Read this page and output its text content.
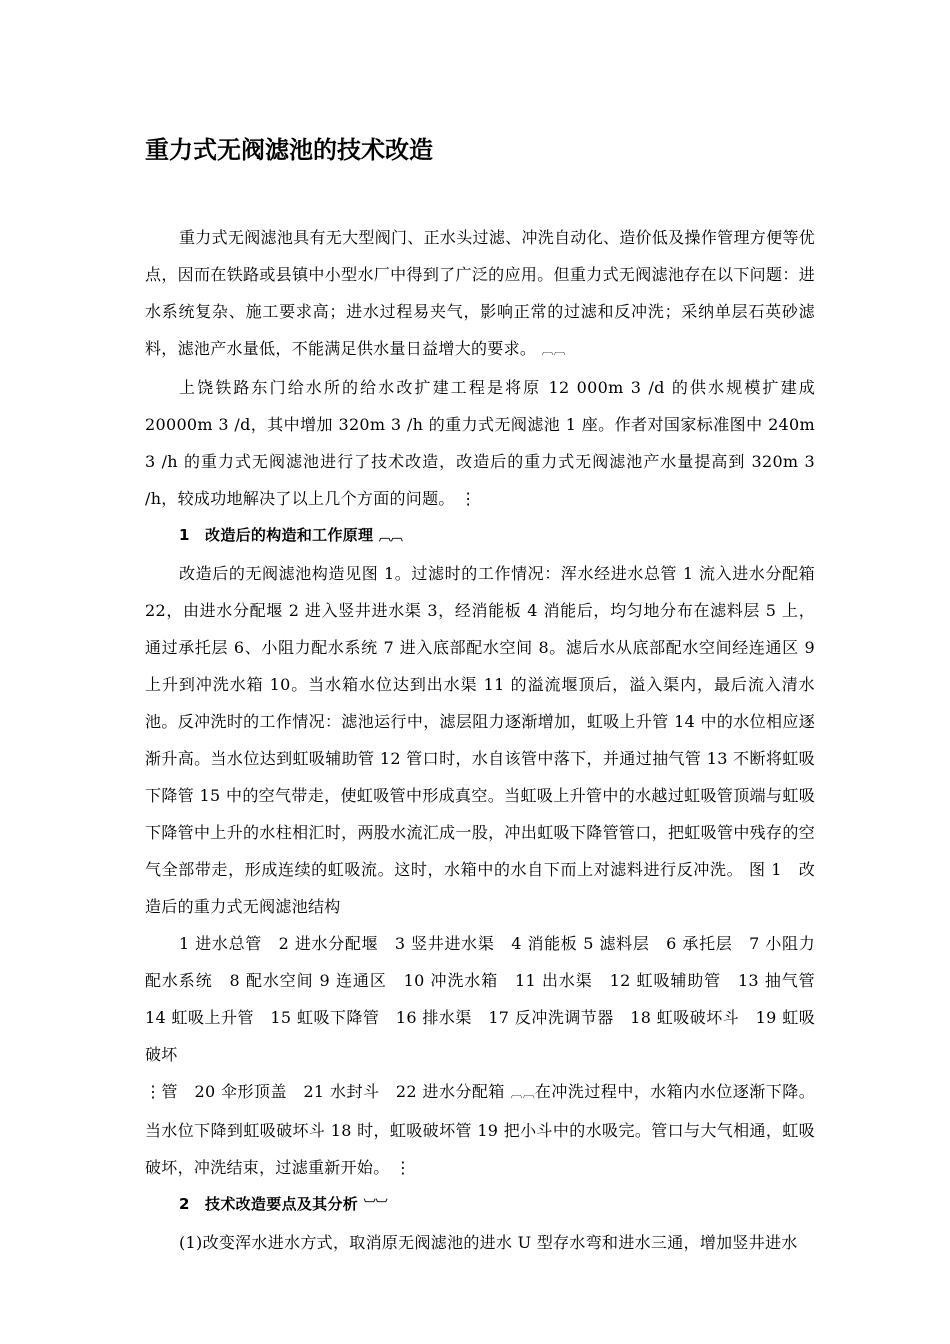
重力式无阀滤池的技术改造

重力式无阀滤池具有无大型阀门、正水头过滤、冲洗自动化、造价低及操作管理方便等优点，因而在铁路或县镇中小型水厂中得到了广泛的应用。但重力式无阀滤池存在以下问题：进水系统复杂、施工要求高；进水过程易夹气，影响正常的过滤和反冲洗；采纳单层石英砂滤料，滤池产水量低，不能满足供水量日益增大的要求。 ︹︹

上饶铁路东门给水所的给水改扩建工程是将原 12 000m 3 /d 的供水规模扩建成 20000m 3 /d，其中增加 320m 3 /h 的重力式无阀滤池 1 座。作者对国家标准图中 240m 3 /h 的重力式无阀滤池进行了技术改造，改造后的重力式无阀滤池产水量提高到 320m 3 /h，较成功地解决了以上几个方面的问题。 ⋮

1　改造后的构造和工作原理 ︹︹

改造后的无阀滤池构造见图 1。过滤时的工作情况：浑水经进水总管 1 流入进水分配箱 22，由进水分配堰 2 进入竖井进水渠 3，经消能板 4 消能后，均匀地分布在滤料层 5 上，通过承托层 6、小阻力配水系统 7 进入底部配水空间 8。滤后水从底部配水空间经连通区 9 上升到冲洗水箱 10。当水箱水位达到出水渠 11 的溢流堰顶后，溢入渠内，最后流入清水池。反冲洗时的工作情况：滤池运行中，滤层阻力逐渐增加，虹吸上升管 14 中的水位相应逐渐升高。当水位达到虹吸辅助管 12 管口时，水自该管中落下，并通过抽气管 13 不断将虹吸下降管 15 中的空气带走，使虹吸管中形成真空。当虹吸上升管中的水越过虹吸管顶端与虹吸下降管中上升的水柱相汇时，两股水流汇成一股，冲出虹吸下降管管口，把虹吸管中残存的空气全部带走，形成连续的虹吸流。这时，水箱中的水自下而上对滤料进行反冲洗。 图 1　改造后的重力式无阀滤池结构

1 进水总管　2 进水分配堰　3 竖井进水渠　4 消能板 5 滤料层　6 承托层　7 小阻力配水系统　8 配水空间 9 连通区　10 冲洗水箱　11 出水渠　12 虹吸辅助管　13 抽气管　14 虹吸上升管　15 虹吸下降管　16 排水渠　17 反冲洗调节器　18 虹吸破坏斗　19 虹吸破坏
⋮管　20 伞形顶盖　21 水封斗　22 进水分配箱 ︹︹在冲洗过程中，水箱内水位逐渐下降。当水位下降到虹吸破坏斗 18 时，虹吸破坏管 19 把小斗中的水吸完。管口与大气相通，虹吸破坏，冲洗结束，过滤重新开始。 ⋮

2　技术改造要点及其分析 ︺︺

(1)改变浑水进水方式，取消原无阀滤池的进水 U 型存水弯和进水三通，增加竖井进水
